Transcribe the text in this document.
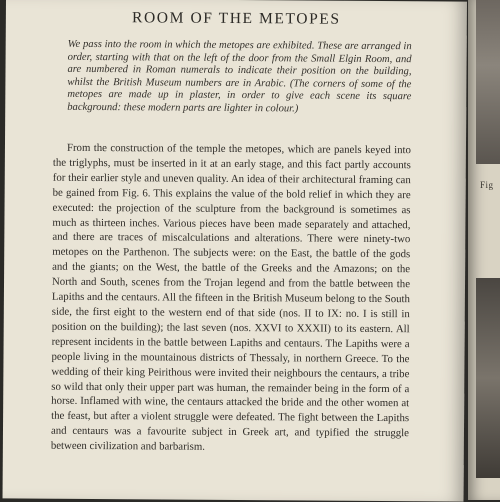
ROOM OF THE METOPES
We pass into the room in which the metopes are exhibited. These are arranged in order, starting with that on the left of the door from the Small Elgin Room, and are numbered in Roman numerals to indicate their position on the building, whilst the British Museum numbers are in Arabic. (The corners of some of the metopes are made up in plaster, in order to give each scene its square background: these modern parts are lighter in colour.)

From the construction of the temple the metopes, which are panels keyed into the triglyphs, must be inserted in it at an early stage, and this fact partly accounts for their earlier style and uneven quality. An idea of their architectural framing can be gained from Fig. 6. This explains the value of the bold relief in which they are executed: the projection of the sculpture from the background is sometimes as much as thirteen inches. Various pieces have been made separately and attached, and there are traces of miscalculations and alterations. There were ninety-two metopes on the Parthenon. The subjects were: on the East, the battle of the gods and the giants; on the West, the battle of the Greeks and the Amazons; on the North and South, scenes from the Trojan legend and from the battle between the Lapiths and the centaurs. All the fifteen in the British Museum belong to the South side, the first eight to the western end of that side (nos. II to IX: no. I is still in position on the building); the last seven (nos. XXVI to XXXII) to its eastern. All represent incidents in the battle between Lapiths and centaurs. The Lapiths were a people living in the mountainous districts of Thessaly, in northern Greece. To the wedding of their king Peirithous were invited their neighbours the centaurs, a tribe so wild that only their upper part was human, the remainder being in the form of a horse. Inflamed with wine, the centaurs attacked the bride and the other women at the feast, but after a violent struggle were defeated. The fight between the Lapiths and centaurs was a favourite subject in Greek art, and typified the struggle between civilization and barbarism.

Fig
